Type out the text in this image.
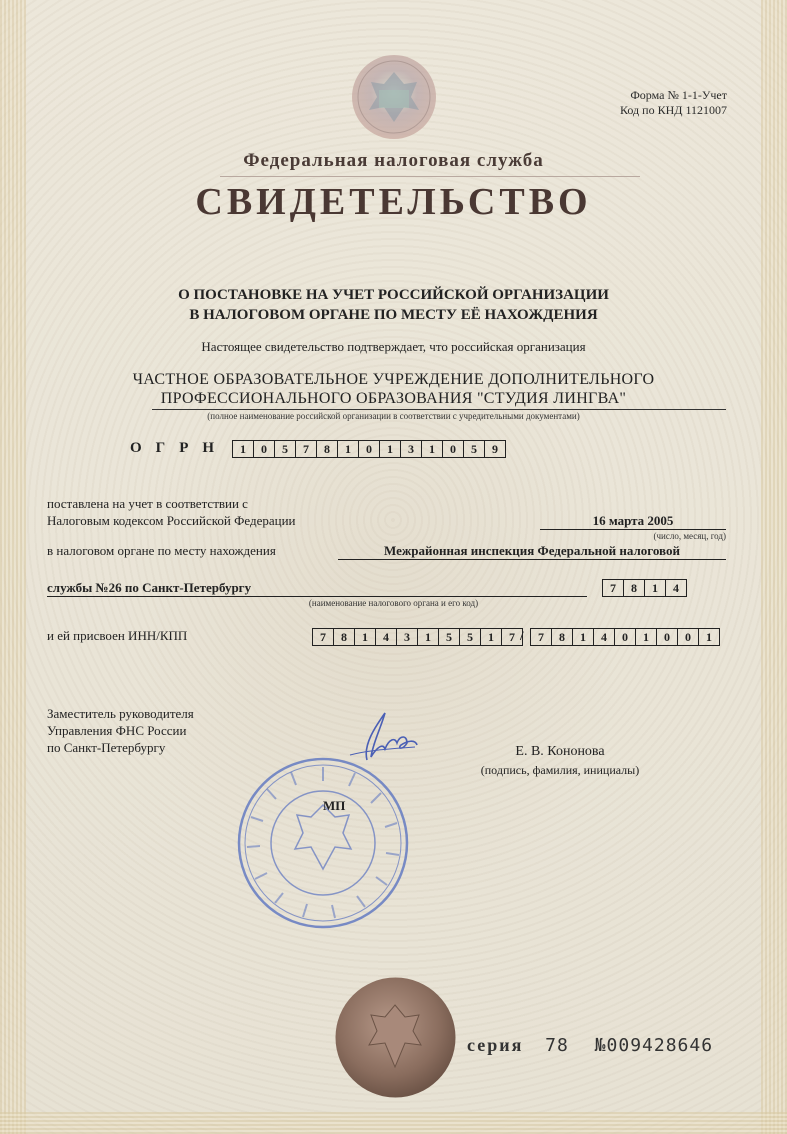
Форма № 1-1-Учет
Код по КНД 1121007
Федеральная налоговая служба
СВИДЕТЕЛЬСТВО
О ПОСТАНОВКЕ НА УЧЕТ РОССИЙСКОЙ ОРГАНИЗАЦИИ
В НАЛОГОВОМ ОРГАНЕ ПО МЕСТУ ЕЁ НАХОЖДЕНИЯ
Настоящее свидетельство подтверждает, что российская организация
ЧАСТНОЕ ОБРАЗОВАТЕЛЬНОЕ УЧРЕЖДЕНИЕ ДОПОЛНИТЕЛЬНОГО
ПРОФЕССИОНАЛЬНОГО ОБРАЗОВАНИЯ "СТУДИЯ ЛИНГВА"
(полное наименование российской организации в соответствии с учредительными документами)
ОГРН 1	0	5	7	8	1	0	1	3	1	0	5	9
поставлена на учет в соответствии с
Налоговым кодексом Российской Федерации	16 марта 2005
(число, месяц, год)
в налоговом органе по месту нахождения	Межрайонная инспекция Федеральной налоговой
службы №26 по Санкт-Петербургу	7	8	1	4
(наименование налогового органа и его код)
и ей присвоен ИНН/КПП	7	8	1	4	3	1	5	5	1	7 /	7	8	1	4	0	1	0	0	1
Заместитель руководителя
Управления ФНС России
по Санкт-Петербургу	Е. В. Кононова
(подпись, фамилия, инициалы)
МП
серия 78 №009428646
